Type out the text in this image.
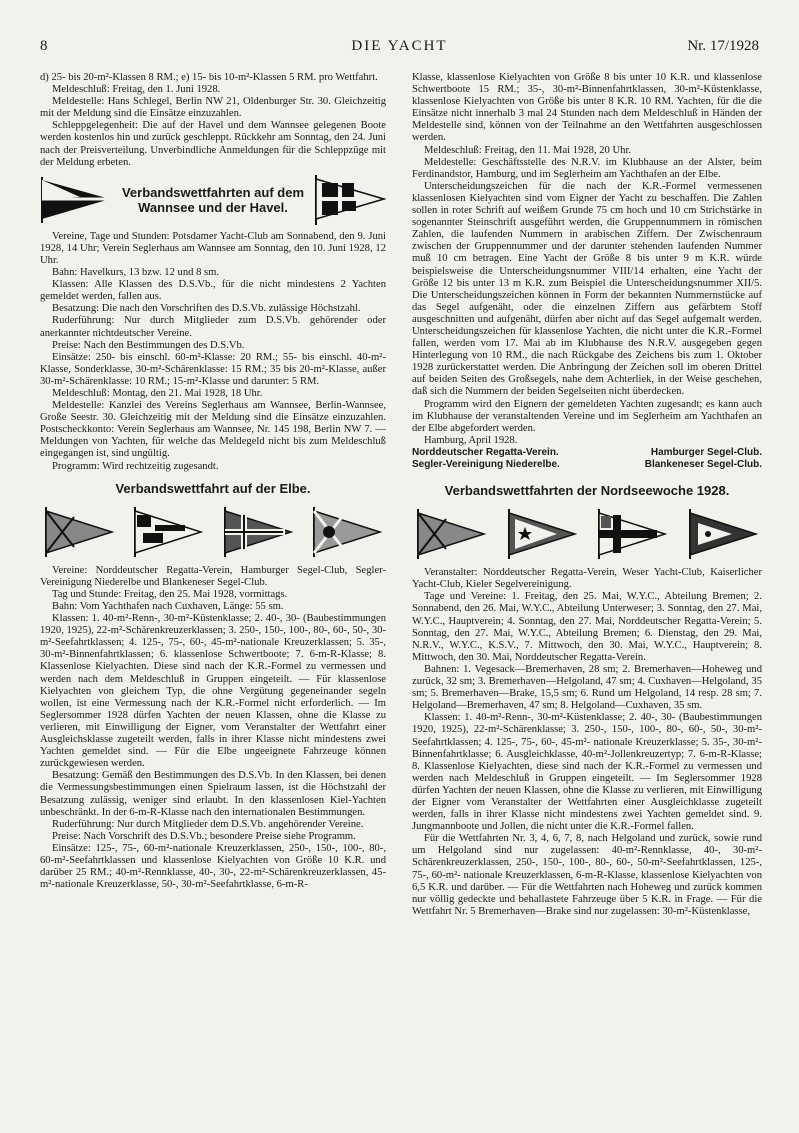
8	DIE YACHT	Nr. 17/1928

d) 25- bis 20-m²-Klassen 8 RM.; e) 15- bis 10-m²-Klassen 5 RM. pro Wettfahrt.

Meldeschluß: Freitag, den 1. Juni 1928.

Meldestelle: Hans Schlegel, Berlin NW 21, Oldenburger Str. 30. Gleichzeitig mit der Meldung sind die Einsätze einzuzahlen.

Schleppgelegenheit: Die auf der Havel und dem Wannsee gelegenen Boote werden kostenlos hin und zurück geschleppt. Rückkehr am Sonntag, den 24. Juni nach der Preisverteilung. Unverbindliche Anmeldungen für die Schleppzüge mit der Meldung erbeten.

Verbandswettfahrten auf dem Wannsee und der Havel.

Vereine, Tage und Stunden: Potsdamer Yacht-Club am Sonnabend, den 9. Juni 1928, 14 Uhr; Verein Seglerhaus am Wannsee am Sonntag, den 10. Juni 1928, 12 Uhr.

Bahn: Havelkurs, 13 bzw. 12 und 8 sm.

Klassen: Alle Klassen des D.S.Vb., für die nicht mindestens 2 Yachten gemeldet werden, fallen aus.

Besatzung: Die nach den Vorschriften des D.S.Vb. zulässige Höchstzahl.

Ruderführung: Nur durch Mitglieder zum D.S.Vb. gehörender oder anerkannter nichtdeutscher Vereine.

Preise: Nach den Bestimmungen des D.S.Vb.

Einsätze: 250- bis einschl. 60-m²-Klasse: 20 RM.; 55- bis einschl. 40-m²-Klasse, Sonderklasse, 30-m²-Schärenklasse: 15 RM.; 35 bis 20-m²-Klasse, außer 30-m²-Schärenklasse: 10 RM.; 15-m²-Klasse und darunter: 5 RM.

Meldeschluß: Montag, den 21. Mai 1928, 18 Uhr.

Meldestelle: Kanzlei des Vereins Seglerhaus am Wannsee, Berlin-Wannsee, Große Seestr. 30. Gleichzeitig mit der Meldung sind die Einsätze einzuzahlen. Postscheckkonto: Verein Seglerhaus am Wannsee, Nr. 145 198, Berlin NW 7. — Meldungen von Yachten, für welche das Meldegeld nicht bis zum Meldeschluß eingegangen ist, sind ungültig.

Programm: Wird rechtzeitig zugesandt.

Verbandswettfahrt auf der Elbe.

Vereine: Norddeutscher Regatta-Verein, Hamburger Segel-Club, Segler-Vereinigung Niederelbe und Blankeneser Segel-Club.

Tag und Stunde: Freitag, den 25. Mai 1928, vormittags.

Bahn: Vom Yachthafen nach Cuxhaven, Länge: 55 sm.

Klassen: 1. 40-m²-Renn-, 30-m²-Küstenklasse; 2. 40-, 30- (Baubestimmungen 1920, 1925), 22-m²-Schärenkreuzerklassen; 3. 250-, 150-, 100-, 80-, 60-, 50-, 30-m²-Seefahrtklassen; 4. 125-, 75-, 60-, 45-m²-nationale Kreuzerklassen; 5. 35-, 30-m²-Binnenfahrtklassen; 6. klassenlose Schwertboote; 7. 6-m-R-Klasse; 8. Klassenlose Kielyachten. Diese sind nach der K.R.-Formel zu vermessen und werden nach dem Meldeschluß in Gruppen eingeteilt. — Für klassenlose Kielyachten von gleichem Typ, die ohne Vergütung gegeneinander segeln wollen, ist eine Vermessung nach der K.R.-Formel nicht erforderlich. — Im Seglersommer 1928 dürfen Yachten der neuen Klassen, ohne die Klasse zu verlieren, mit Einwilligung der Eigner, vom Veranstalter der Wettfahrt einer Ausgleichsklasse zugeteilt werden, falls in ihrer Klasse nicht mindestens zwei Yachten gemeldet sind. — Für die Elbe ungeeignete Fahrzeuge können zurückgewiesen werden.

Besatzung: Gemäß den Bestimmungen des D.S.Vb. In den Klassen, bei denen die Vermessungsbestimmungen einen Spielraum lassen, ist die Höchstzahl der Besatzung zulässig, weniger sind erlaubt. In den klassenlosen Kiel-Yachten unbeschränkt. In der 6-m-R-Klasse nach den internationalen Bestimmungen.

Ruderführung: Nur durch Mitglieder dem D.S.Vb. angehörender Vereine.

Preise: Nach Vorschrift des D.S.Vb.; besondere Preise siehe Programm.

Einsätze: 125-, 75-, 60-m²-nationale Kreuzerklassen, 250-, 150-, 100-, 80-, 60-m²-Seefahrtklassen und klassenlose Kielyachten von Größe 10 K.R. und darüber 25 RM.; 40-m²-Rennklasse, 40-, 30-, 22-m²-Schärenkreuzerklassen, 45-m²-nationale Kreuzerklasse, 50-, 30-m²-Seefahrtklasse, 6-m-R-

Klasse, klassenlose Kielyachten von Größe 8 bis unter 10 K.R. und klassenlose Schwertboote 15 RM.; 35-, 30-m²-Binnenfahrtklassen, 30-m²-Küstenklasse, klassenlose Kielyachten von Größe bis unter 8 K.R. 10 RM. Yachten, für die die Einsätze nicht innerhalb 3 mal 24 Stunden nach dem Meldeschluß in Händen der Meldestelle sind, können von der Teilnahme an den Wettfahrten ausgeschlossen werden.

Meldeschluß: Freitag, den 11. Mai 1928, 20 Uhr.

Meldestelle: Geschäftsstelle des N.R.V. im Klubhause an der Alster, beim Ferdinandstor, Hamburg, und im Seglerheim am Yachthafen an der Elbe.

Unterscheidungszeichen für die nach der K.R.-Formel vermessenen klassenlosen Kielyachten sind vom Eigner der Yacht zu beschaffen. Die Zahlen sollen in roter Schrift auf weißem Grunde 75 cm hoch und 10 cm Strichstärke in sogenannter Steinschrift ausgeführt werden, die Gruppennummern in römischen Zahlen, die laufenden Nummern in arabischen Ziffern. Der Zwischenraum zwischen der Gruppennummer und der darunter stehenden laufenden Nummer muß 10 cm betragen. Eine Yacht der Größe 8 bis unter 9 m K.R. würde beispielsweise die Unterscheidungsnummer VIII/14 erhalten, eine Yacht der Größe 12 bis unter 13 m K.R. zum Beispiel die Unterscheidungsnummer XII/5. Die Unterscheidungszeichen können in Form der bekannten Nummernstücke auf das Segel aufgenäht, oder die einzelnen Ziffern aus gefärbtem Stoff ausgeschnitten und aufgenäht, dürfen aber nicht auf das Segel aufgemalt werden. Unterscheidungszeichen für klassenlose Yachten, die nicht unter die K.R.-Formel fallen, werden vom 17. Mai ab im Klubhause des N.R.V. ausgegeben gegen Hinterlegung von 10 RM., die nach Rückgabe des Zeichens bis zum 1. Oktober 1928 zurückerstattet werden. Die Anbringung der Zeichen soll im oberen Drittel auf beiden Seiten des Großsegels, nahe dem Achterliek, in der Weise geschehen, daß sich die Nummern der beiden Segelseiten nicht überdecken.

Programm wird den Eignern der gemeldeten Yachten zugesandt; es kann auch im Klubhause der veranstaltenden Vereine und im Seglerheim am Yachthafen an der Elbe abgefordert werden.

Hamburg, April 1928.

Norddeutscher Regatta-Verein.	Hamburger Segel-Club.
Segler-Vereinigung Niederelbe.	Blankeneser Segel-Club.
Verbandswettfahrten der Nordseewoche 1928.

Veranstalter: Norddeutscher Regatta-Verein, Weser Yacht-Club, Kaiserlicher Yacht-Club, Kieler Segelvereinigung.

Tage und Vereine: 1. Freitag, den 25. Mai, W.Y.C., Abteilung Bremen; 2. Sonnabend, den 26. Mai, W.Y.C., Abteilung Unterweser; 3. Sonntag, den 27. Mai, W.Y.C., Hauptverein; 4. Sonntag, den 27. Mai, Norddeutscher Regatta-Verein; 5. Sonntag, den 27. Mai, W.Y.C., Abteilung Bremen; 6. Dienstag, den 29. Mai, N.R.V., W.Y.C., K.S.V., 7. Mittwoch, den 30. Mai, W.Y.C., Hauptverein; 8. Mittwoch, den 30. Mai, Norddeutscher Regatta-Verein.

Bahnen: 1. Vegesack—Bremerhaven, 28 sm; 2. Bremerhaven—Hoheweg und zurück, 32 sm; 3. Bremerhaven—Helgoland, 47 sm; 4. Cuxhaven—Helgoland, 35 sm; 5. Bremerhaven—Brake, 15,5 sm; 6. Rund um Helgoland, 14 resp. 28 sm; 7. Helgoland—Bremerhaven, 47 sm; 8. Helgoland—Cuxhaven, 35 sm.

Klassen: 1. 40-m²-Renn-, 30-m²-Küstenklasse; 2. 40-, 30- (Baubestimmungen 1920, 1925), 22-m²-Schärenklasse; 3. 250-, 150-, 100-, 80-, 60-, 50-, 30-m²-Seefahrtklassen; 4. 125-, 75-, 60-, 45-m²- nationale Kreuzerklasse; 5. 35-, 30-m²-Binnenfahrtklasse; 6. Ausgleichklasse, 40-m²-Jollenkreuzertyp; 7. 6-m-R-Klasse; 8. Klassenlose Kielyachten, diese sind nach der K.R.-Formel zu vermessen und werden nach Meldeschluß in Gruppen eingeteilt. — Im Seglersommer 1928 dürfen Yachten der neuen Klassen, ohne die Klasse zu verlieren, mit Einwilligung der Eigner vom Veranstalter der Wettfahrten einer Ausgleichklasse zugeteilt werden, falls in ihrer Klasse nicht mindestens zwei Yachten gemeldet sind. 9. Jungmannboote und Jollen, die nicht unter die K.R.-Formel fallen.

Für die Wettfahrten Nr. 3, 4, 6, 7, 8, nach Helgoland und zurück, sowie rund um Helgoland sind nur zugelassen: 40-m²-Rennklasse, 40-, 30-m²-Schärenkreuzerklassen, 250-, 150-, 100-, 80-, 60-, 50-m²-Seefahrtklassen, 125-, 75-, 60-m²- nationale Kreuzerklassen, 6-m-R-Klasse, klassenlose Kielyachten von 6,5 K.R. und darüber. — Für die Wettfahrten nach Hoheweg und zurück kommen nur völlig gedeckte und behallastete Fahrzeuge über 5 K.R. in Frage. — Für die Wettfahrt Nr. 5 Bremerhaven—Brake sind nur zugelassen: 30-m²-Küstenklasse,
